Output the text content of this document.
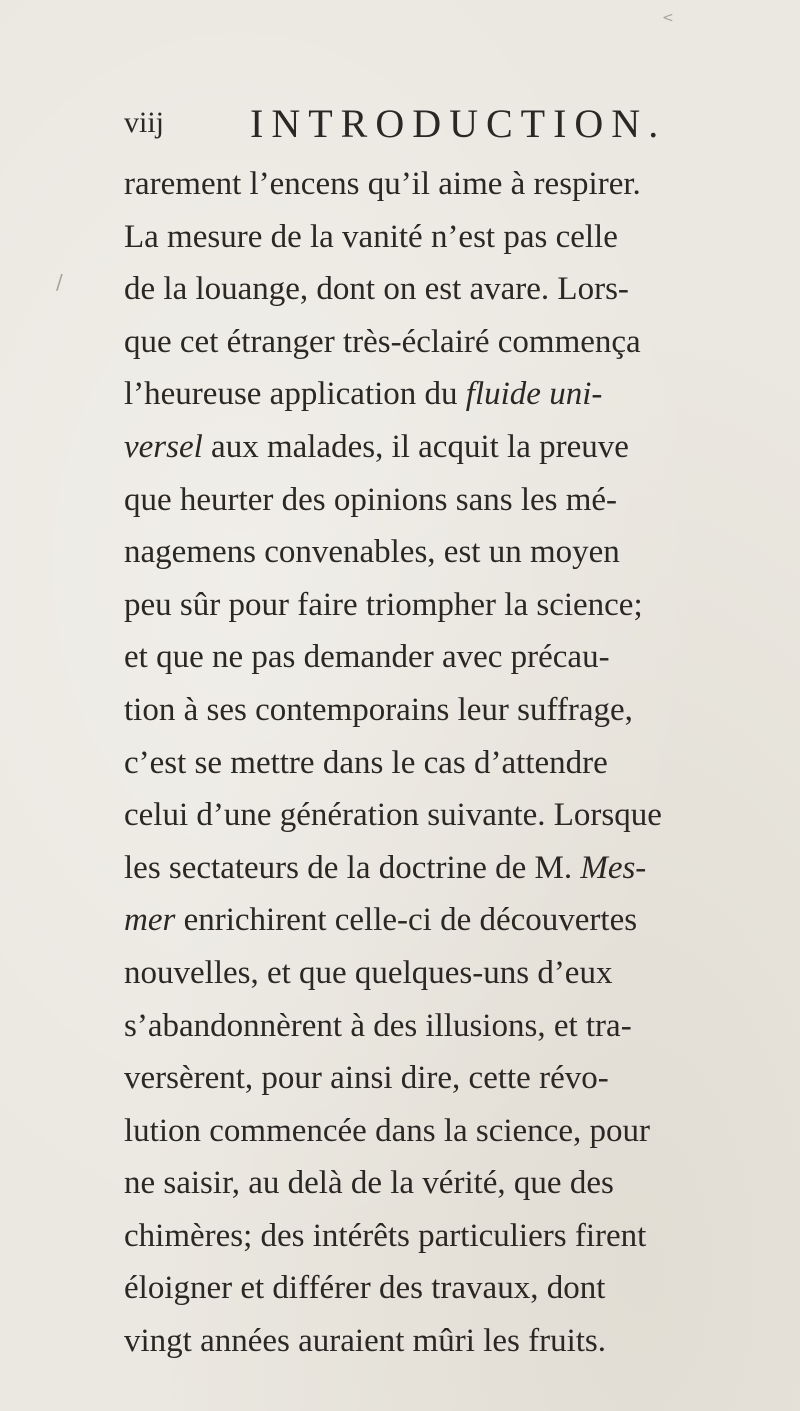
viij INTRODUCTION.
rarement l’encens qu’il aime à respirer.
La mesure de la vanité n’est pas celle
de la louange, dont on est avare. Lors-
que cet étranger très-éclairé commença
l’heureuse application du fluide uni-
versel aux malades, il acquit la preuve
que heurter des opinions sans les mé-
nagemens convenables, est un moyen
peu sûr pour faire triompher la science;
et que ne pas demander avec précau-
tion à ses contemporains leur suffrage,
c’est se mettre dans le cas d’attendre
celui d’une génération suivante. Lorsque
les sectateurs de la doctrine de M. Mes-
mer enrichirent celle-ci de découvertes
nouvelles, et que quelques-uns d’eux
s’abandonnèrent à des illusions, et tra-
versèrent, pour ainsi dire, cette révo-
lution commencée dans la science, pour
ne saisir, au delà de la vérité, que des
chimères; des intérêts particuliers firent
éloigner et différer des travaux, dont
vingt années auraient mûri les fruits.
/
<
